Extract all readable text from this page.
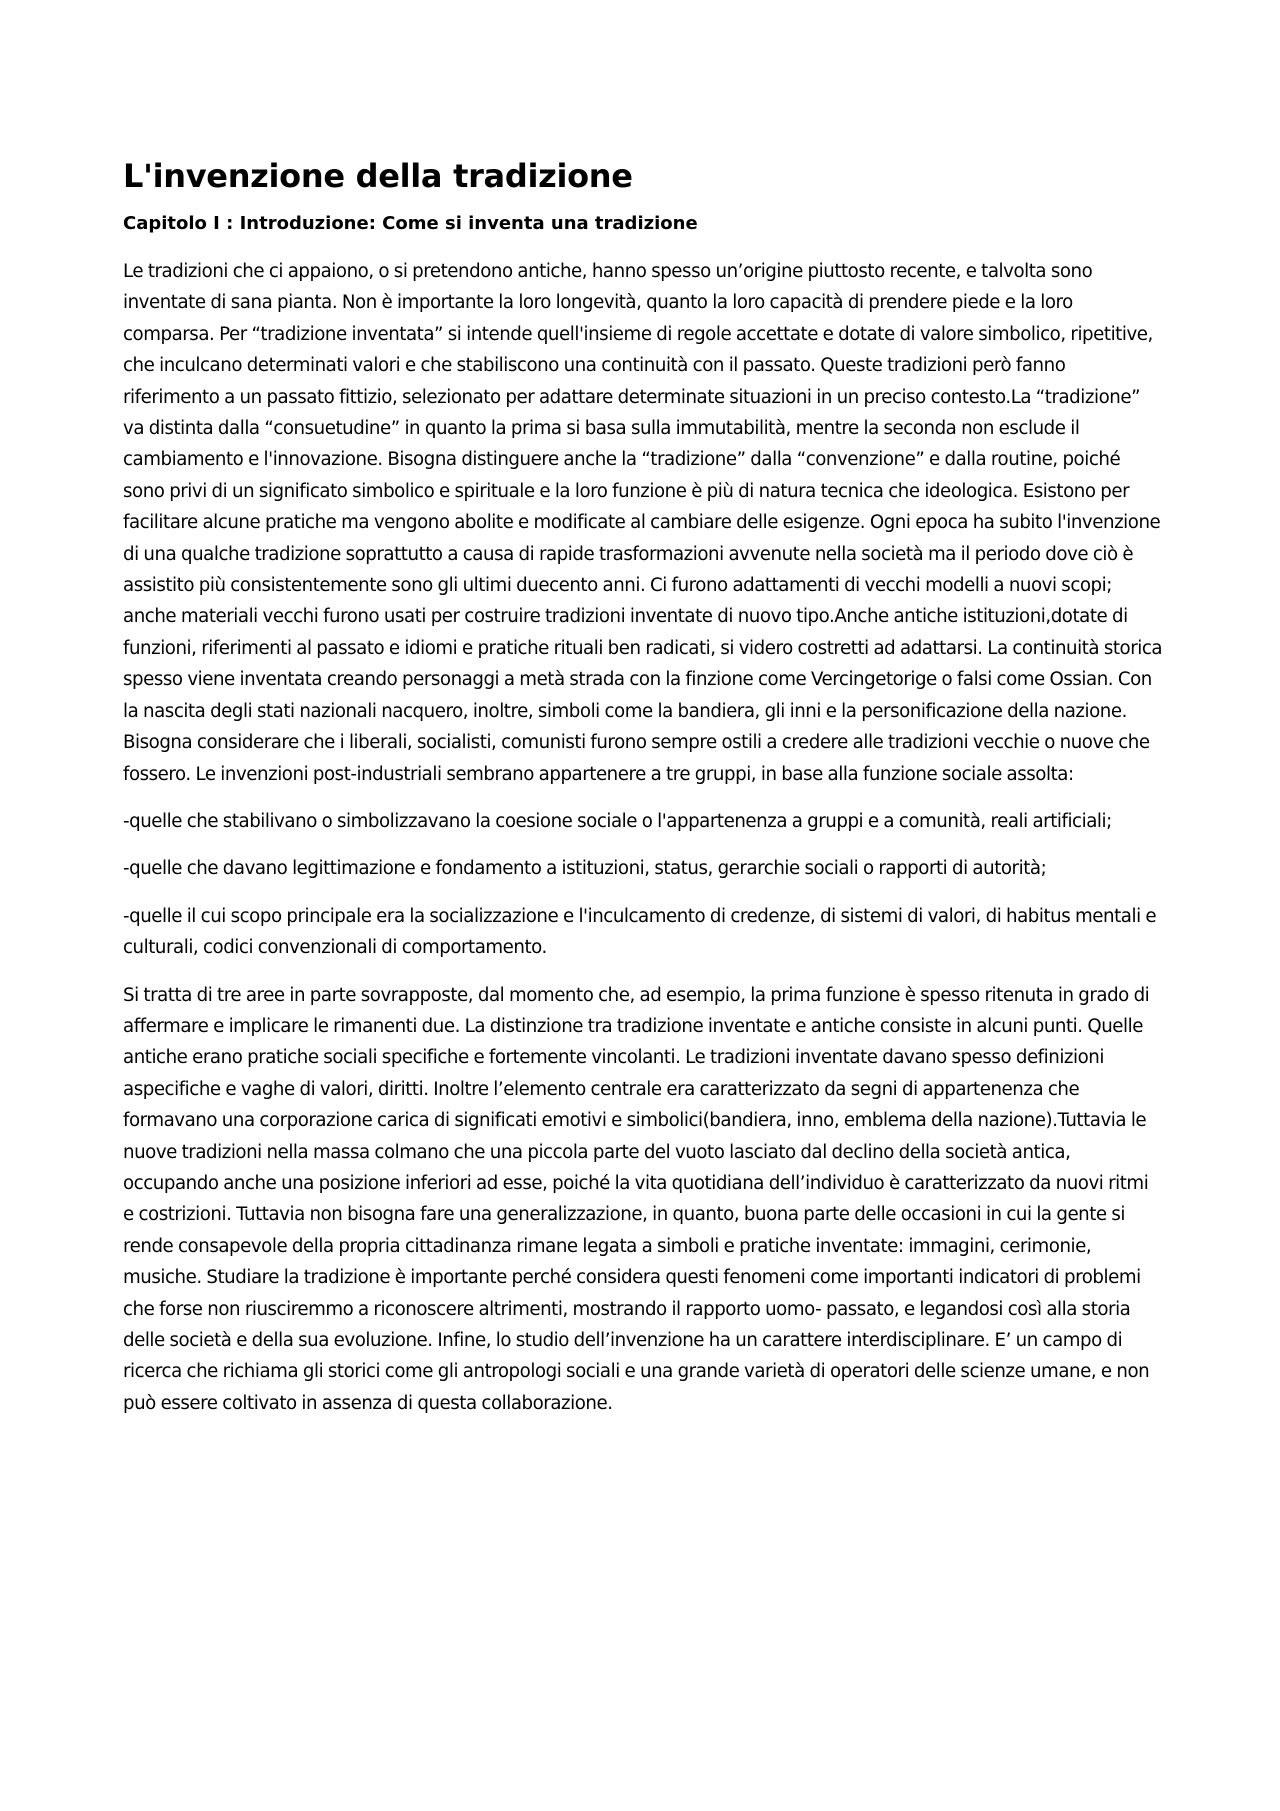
L'invenzione della tradizione
Capitolo I : Introduzione: Come si inventa una tradizione

Le tradizioni che ci appaiono, o si pretendono antiche, hanno spesso un’origine piuttosto recente, e talvolta sono inventate di sana pianta. Non è importante la loro longevità, quanto la loro capacità di prendere piede e la loro comparsa. Per “tradizione inventata” si intende quell'insieme di regole accettate e dotate di valore simbolico, ripetitive, che inculcano determinati valori e che stabiliscono una continuità con il passato. Queste tradizioni però fanno riferimento a un passato fittizio, selezionato per adattare determinate situazioni in un preciso contesto.La “tradizione” va distinta dalla “consuetudine” in quanto la prima si basa sulla immutabilità, mentre la seconda non esclude il cambiamento e l'innovazione. Bisogna distinguere anche la “tradizione” dalla “convenzione” e dalla routine, poiché sono privi di un significato simbolico e spirituale e la loro funzione è più di natura tecnica che ideologica. Esistono per facilitare alcune pratiche ma vengono abolite e modificate al cambiare delle esigenze. Ogni epoca ha subito l'invenzione di una qualche tradizione soprattutto a causa di rapide trasformazioni avvenute nella società ma il periodo dove ciò è assistito più consistentemente sono gli ultimi duecento anni. Ci furono adattamenti di vecchi modelli a nuovi scopi; anche materiali vecchi furono usati per costruire tradizioni inventate di nuovo tipo.Anche antiche istituzioni,dotate di funzioni, riferimenti al passato e idiomi e pratiche rituali ben radicati, si videro costretti ad adattarsi. La continuità storica spesso viene inventata creando personaggi a metà strada con la finzione come Vercingetorige o falsi come Ossian. Con la nascita degli stati nazionali nacquero, inoltre, simboli come la bandiera, gli inni e la personificazione della nazione. Bisogna considerare che i liberali, socialisti, comunisti furono sempre ostili a credere alle tradizioni vecchie o nuove che fossero. Le invenzioni post-industriali sembrano appartenere a tre gruppi, in base alla funzione sociale assolta:

-quelle che stabilivano o simbolizzavano la coesione sociale o l'appartenenza a gruppi e a comunità, reali artificiali;

-quelle che davano legittimazione e fondamento a istituzioni, status, gerarchie sociali o rapporti di autorità;

-quelle il cui scopo principale era la socializzazione e l'inculcamento di credenze, di sistemi di valori, di habitus mentali e culturali, codici convenzionali di comportamento.

Si tratta di tre aree in parte sovrapposte, dal momento che, ad esempio, la prima funzione è spesso ritenuta in grado di affermare e implicare le rimanenti due. La distinzione tra tradizione inventate e antiche consiste in alcuni punti. Quelle antiche erano pratiche sociali specifiche e fortemente vincolanti. Le tradizioni inventate davano spesso definizioni aspecifiche e vaghe di valori, diritti. Inoltre l’elemento centrale era caratterizzato da segni di appartenenza che formavano una corporazione carica di significati emotivi e simbolici(bandiera, inno, emblema della nazione).Tuttavia le nuove tradizioni nella massa colmano che una piccola parte del vuoto lasciato dal declino della società antica, occupando anche una posizione inferiori ad esse, poiché la vita quotidiana dell’individuo è caratterizzato da nuovi ritmi e costrizioni. Tuttavia non bisogna fare una generalizzazione, in quanto, buona parte delle occasioni in cui la gente si rende consapevole della propria cittadinanza rimane legata a simboli e pratiche inventate: immagini, cerimonie, musiche. Studiare la tradizione è importante perché considera questi fenomeni come importanti indicatori di problemi che forse non riusciremmo a riconoscere altrimenti, mostrando il rapporto uomo- passato, e legandosi così alla storia delle società e della sua evoluzione. Infine, lo studio dell’invenzione ha un carattere interdisciplinare. E’ un campo di ricerca che richiama gli storici come gli antropologi sociali e una grande varietà di operatori delle scienze umane, e non può essere coltivato in assenza di questa collaborazione.
